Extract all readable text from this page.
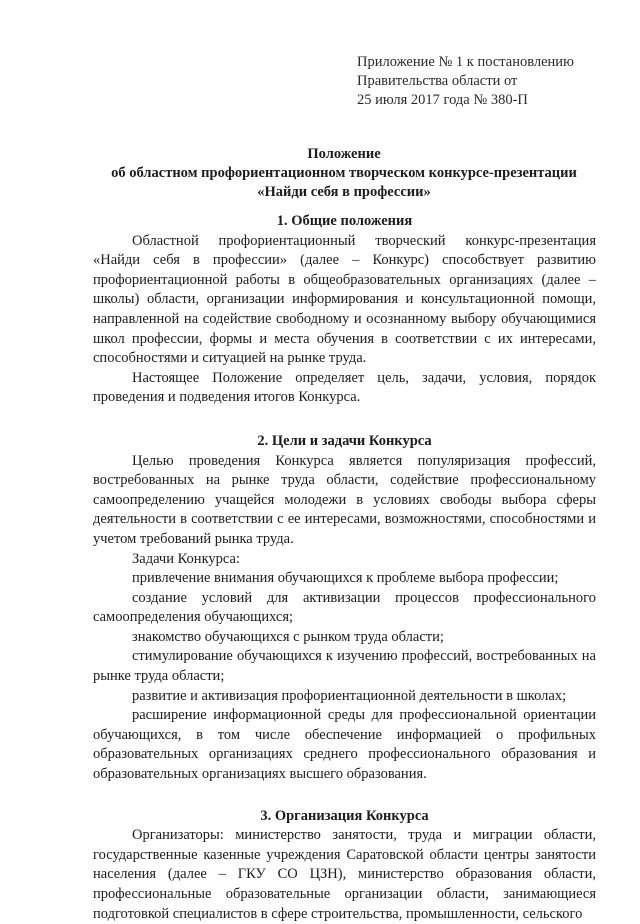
Приложение № 1 к постановлению
Правительства области от
25 июля 2017 года № 380-П
Положение
об областном профориентационном творческом конкурсе-презентации
«Найди себя в профессии»
1. Общие положения

Областной профориентационный творческий конкурс-презентация «Найди себя в профессии» (далее – Конкурс) способствует развитию профориентационной работы в общеобразовательных организациях (далее – школы) области, организации информирования и консультационной помощи, направленной на содействие свободному и осознанному выбору обучающимися школ профессии, формы и места обучения в соответствии с их интересами, способностями и ситуацией на рынке труда.

Настоящее Положение определяет цель, задачи, условия, порядок проведения и подведения итогов Конкурса.

2. Цели и задачи Конкурса

Целью проведения Конкурса является популяризация профессий, востребованных на рынке труда области, содействие профессиональному самоопределению учащейся молодежи в условиях свободы выбора сферы деятельности в соответствии с ее интересами, возможностями, способностями и учетом требований рынка труда.

Задачи Конкурса:

привлечение внимания обучающихся к проблеме выбора профессии;

создание условий для активизации процессов профессионального самоопределения обучающихся;

знакомство обучающихся с рынком труда области;

стимулирование обучающихся к изучению профессий, востребованных на рынке труда области;

развитие и активизация профориентационной деятельности в школах;

расширение информационной среды для профессиональной ориентации обучающихся, в том числе обеспечение информацией о профильных образовательных организациях среднего профессионального образования и образовательных организациях высшего образования.

3. Организация Конкурса

Организаторы: министерство занятости, труда и миграции области, государственные казенные учреждения Саратовской области центры занятости населения (далее – ГКУ СО ЦЗН), министерство образования области, профессиональные образовательные организации области, занимающиеся подготовкой специалистов в сфере строительства, промышленности, сельского
